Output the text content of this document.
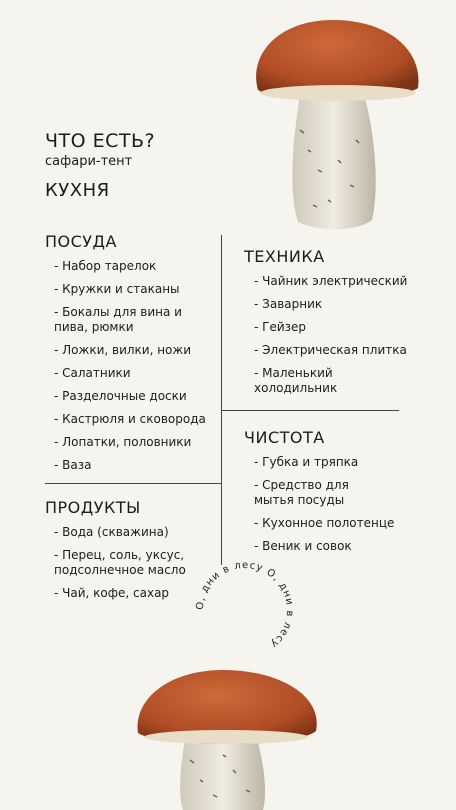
ЧТО ЕСТЬ?
сафари-тент
КУХНЯ
ПОСУДА
- Набор тарелок
- Кружки и стаканы
- Бокалы для вина и пива, рюмки
- Ложки, вилки, ножи
- Салатники
- Разделочные доски
- Кастрюля и сковорода
- Лопатки, половники
- Ваза
ПРОДУКТЫ
- Вода (скважина)
- Перец, соль, уксус, подсолнечное масло
- Чай, кофе, сахар
ТЕХНИКА
- Чайник электрический
- Заварник
- Гейзер
- Электрическая плитка
- Маленький холодильник
ЧИСТОТА
- Губка и тряпка
- Средство для мытья посуды
- Кухонное полотенце
- Веник и совок
О, дни в лесу О, дни в лесу
